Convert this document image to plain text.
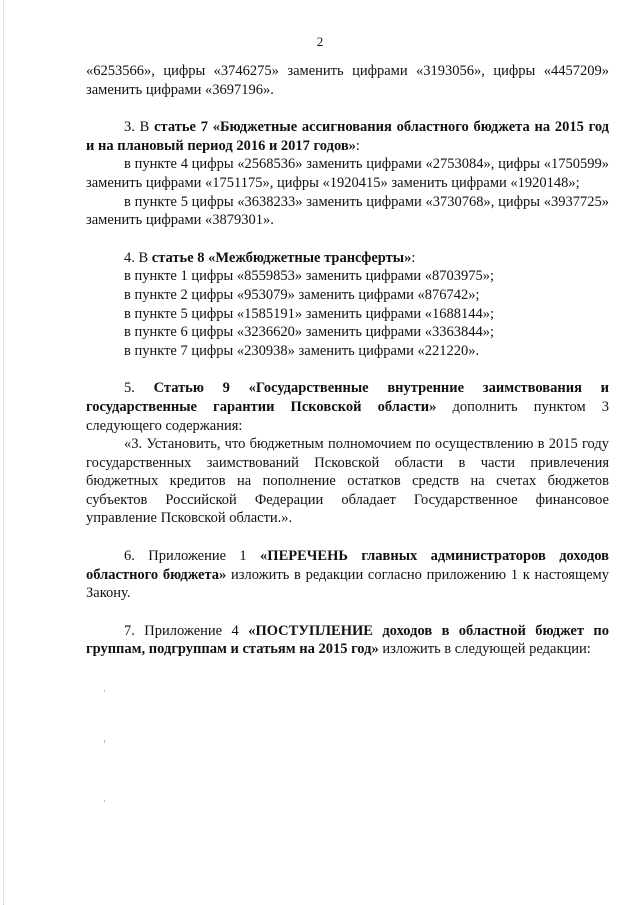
2

«6253566», цифры «3746275» заменить цифрами «3193056», цифры «4457209»

заменить цифрами «3697196».

3. В статье 7 «Бюджетные ассигнования областного бюджета на 2015 год и на плановый период 2016 и 2017 годов»:

в пункте 4 цифры «2568536» заменить цифрами «2753084», цифры «1750599» заменить цифрами «1751175», цифры «1920415» заменить цифрами «1920148»;

в пункте 5 цифры «3638233» заменить цифрами «3730768», цифры «3937725» заменить цифрами «3879301».

4. В статье 8 «Межбюджетные трансферты»:

в пункте 1 цифры «8559853» заменить цифрами «8703975»;

в пункте 2 цифры «953079» заменить цифрами «876742»;

в пункте 5 цифры «1585191» заменить цифрами «1688144»;

в пункте 6 цифры «3236620» заменить цифрами «3363844»;

в пункте 7 цифры «230938» заменить цифрами «221220».

5. Статью 9 «Государственные внутренние заимствования и государственные гарантии Псковской области» дополнить пунктом 3 следующего содержания:

«3. Установить, что бюджетным полномочием по осуществлению в 2015 году государственных заимствований Псковской области в части привлечения бюджетных кредитов на пополнение остатков средств на счетах бюджетов субъектов Российской Федерации обладает Государственное финансовое управление Псковской области.».

6. Приложение 1 «ПЕРЕЧЕНЬ главных администраторов доходов областного бюджета» изложить в редакции согласно приложению 1 к настоящему Закону.

7. Приложение 4 «ПОСТУПЛЕНИЕ доходов в областной бюджет по группам, подгруппам и статьям на 2015 год» изложить в следующей редакции:
